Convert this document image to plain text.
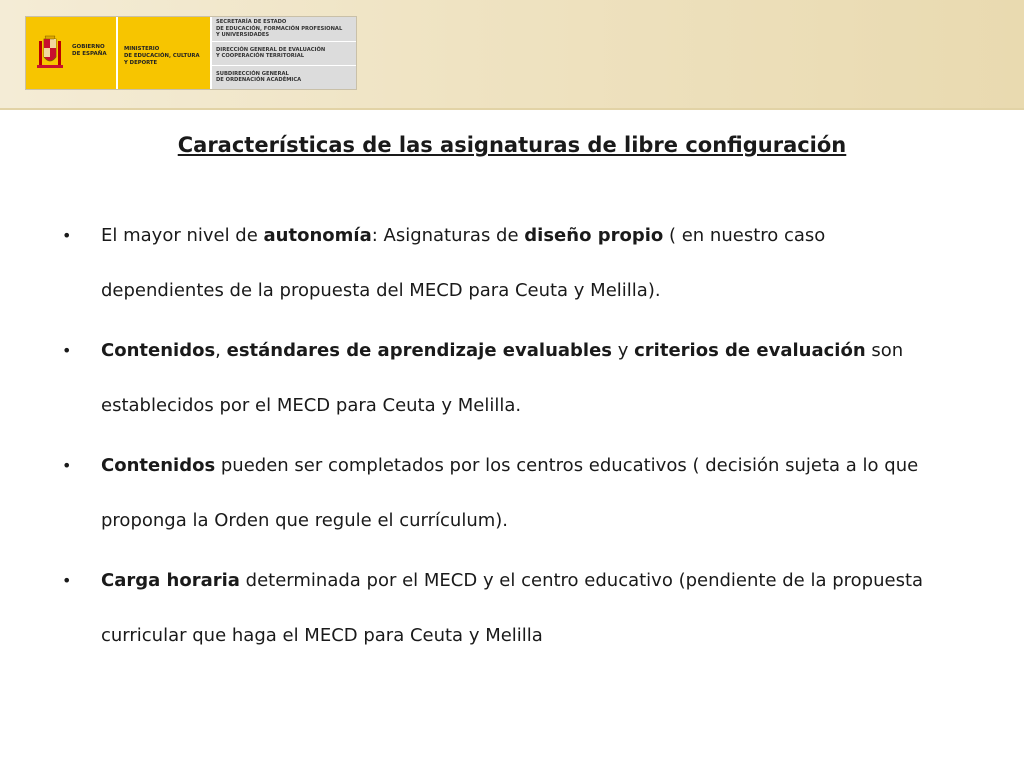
GOBIERNO
DE ESPAÑA
MINISTERIO
DE EDUCACIÓN, CULTURA
Y DEPORTE
SECRETARÍA DE ESTADO
DE EDUCACIÓN, FORMACIÓN PROFESIONAL
Y UNIVERSIDADES
DIRECCIÓN GENERAL DE EVALUACIÓN
Y COOPERACIÓN TERRITORIAL
SUBDIRECCIÓN GENERAL
DE ORDENACIÓN ACADÉMICA
Características de las asignaturas de libre configuración
• El mayor nivel de autonomía: Asignaturas de diseño propio ( en nuestro caso dependientes de la propuesta del MECD para Ceuta y Melilla).
• Contenidos, estándares de aprendizaje evaluables y criterios de evaluación son establecidos por el MECD para Ceuta y Melilla.
• Contenidos pueden ser completados por los centros educativos ( decisión sujeta a lo que proponga la Orden que regule el currículum).
• Carga horaria determinada por el MECD y el centro educativo (pendiente de la propuesta curricular que haga el MECD para Ceuta y Melilla
